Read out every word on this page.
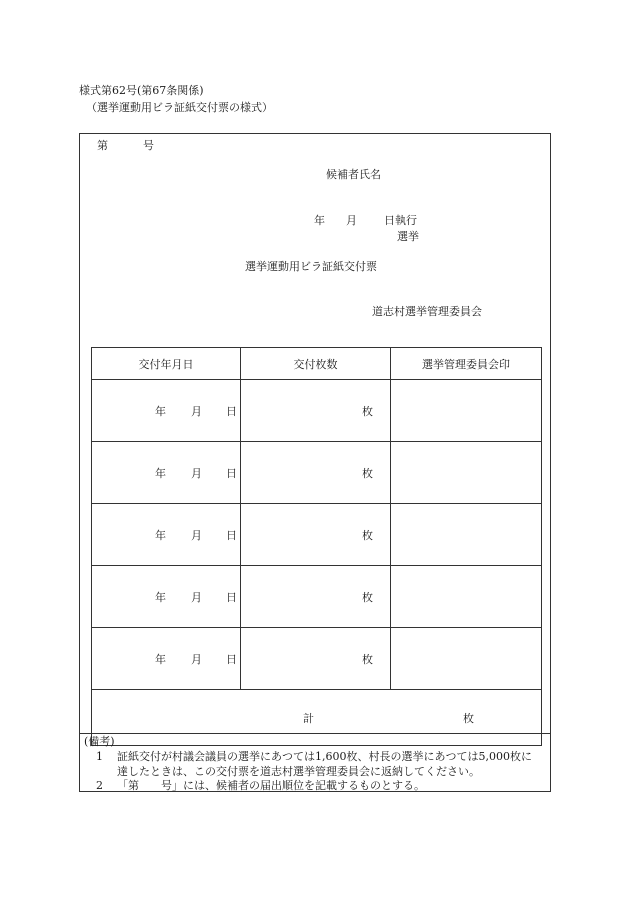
様式第62号(第67条関係)
（選挙運動用ビラ証紙交付票の様式）
第	号
候補者氏名
年 月 日執行
選挙
選挙運動用ビラ証紙交付票
道志村選挙管理委員会
交付年月日	交付枚数	選挙管理委員会印

年 月 日	枚	

年 月 日	枚	

年 月 日	枚	

年 月 日	枚	

年 月 日	枚	

計 枚		
(備考)
1 証紙交付が村議会議員の選挙にあつては1,600枚、村長の選挙にあつては5,000枚に
達したときは、この交付票を道志村選挙管理委員会に返納してください。
2 「第　　号」には、候補者の届出順位を記載するものとする。
